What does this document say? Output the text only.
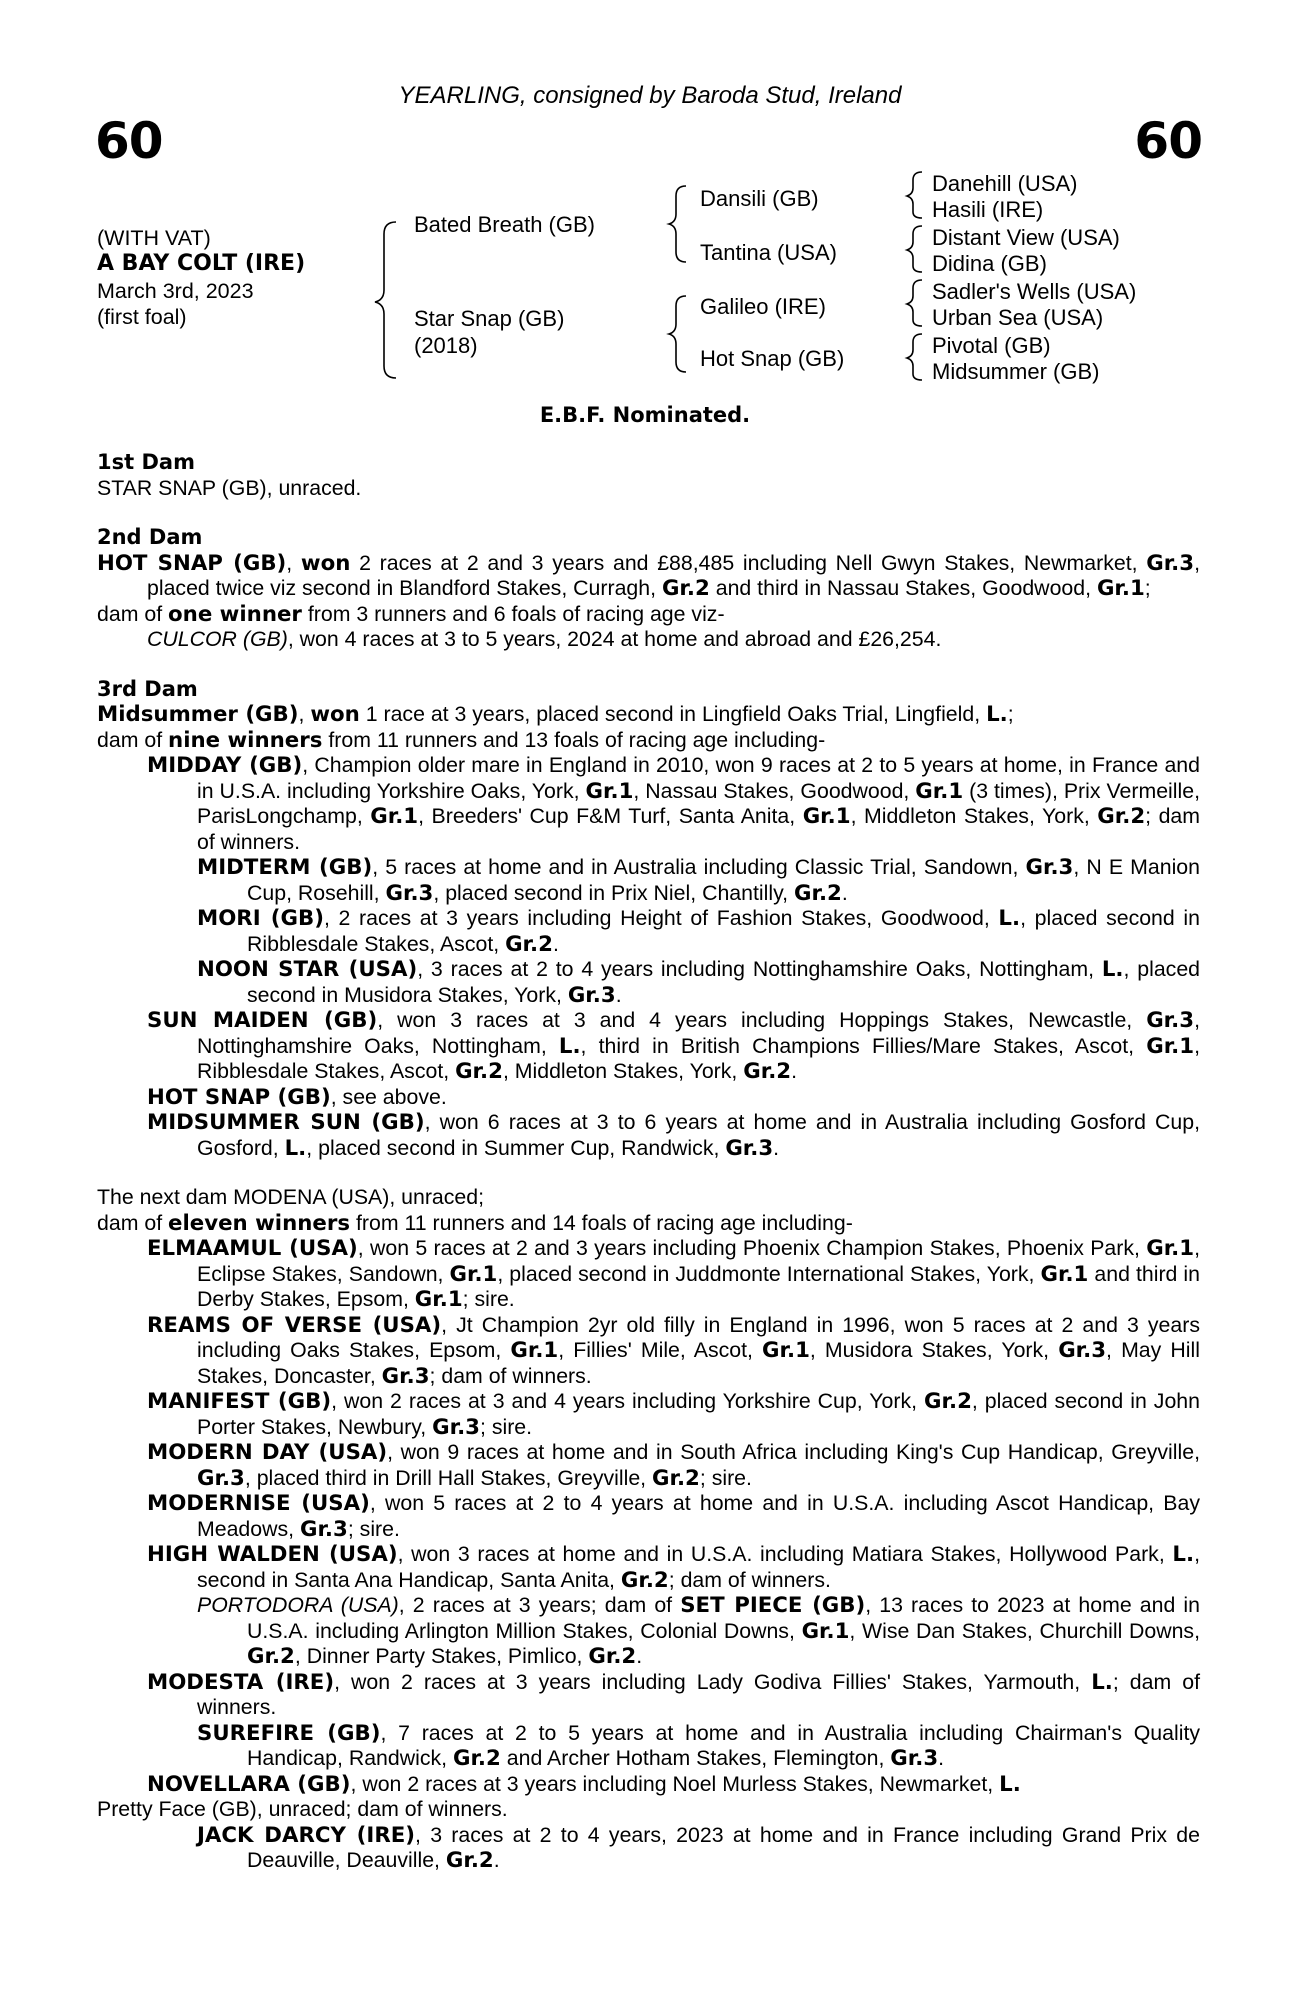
60	60
YEARLING, consigned by Baroda Stud, Ireland
(WITH VAT)
A BAY COLT (IRE)
March 3rd, 2023
(first foal)
Bated Breath (GB)
Star Snap (GB)
(2018)
Dansili (GB)
Tantina (USA)
Galileo (IRE)
Hot Snap (GB)
Danehill (USA)
Hasili (IRE)
Distant View (USA)
Didina (GB)
Sadler's Wells (USA)
Urban Sea (USA)
Pivotal (GB)
Midsummer (GB)
E.B.F. Nominated.

1st Dam

STAR SNAP (GB), unraced.

2nd Dam

HOT SNAP (GB), won 2 races at 2 and 3 years and £88,485 including Nell Gwyn Stakes, Newmarket, Gr.3, placed twice viz second in Blandford Stakes, Curragh, Gr.2 and third in Nassau Stakes, Goodwood, Gr.1;

dam of one winner from 3 runners and 6 foals of racing age viz-

CULCOR (GB), won 4 races at 3 to 5 years, 2024 at home and abroad and £26,254.

3rd Dam

Midsummer (GB), won 1 race at 3 years, placed second in Lingfield Oaks Trial, Lingfield, L.;

dam of nine winners from 11 runners and 13 foals of racing age including-

MIDDAY (GB), Champion older mare in England in 2010, won 9 races at 2 to 5 years at home, in France and in U.S.A. including Yorkshire Oaks, York, Gr.1, Nassau Stakes, Goodwood, Gr.1 (3 times), Prix Vermeille, ParisLongchamp, Gr.1, Breeders' Cup F&M Turf, Santa Anita, Gr.1, Middleton Stakes, York, Gr.2; dam of winners.

MIDTERM (GB), 5 races at home and in Australia including Classic Trial, Sandown, Gr.3, N E Manion Cup, Rosehill, Gr.3, placed second in Prix Niel, Chantilly, Gr.2.

MORI (GB), 2 races at 3 years including Height of Fashion Stakes, Goodwood, L., placed second in Ribblesdale Stakes, Ascot, Gr.2.

NOON STAR (USA), 3 races at 2 to 4 years including Nottinghamshire Oaks, Nottingham, L., placed second in Musidora Stakes, York, Gr.3.

SUN MAIDEN (GB), won 3 races at 3 and 4 years including Hoppings Stakes, Newcastle, Gr.3, Nottinghamshire Oaks, Nottingham, L., third in British Champions Fillies/Mare Stakes, Ascot, Gr.1, Ribblesdale Stakes, Ascot, Gr.2, Middleton Stakes, York, Gr.2.

HOT SNAP (GB), see above.

MIDSUMMER SUN (GB), won 6 races at 3 to 6 years at home and in Australia including Gosford Cup, Gosford, L., placed second in Summer Cup, Randwick, Gr.3.

The next dam MODENA (USA), unraced;

dam of eleven winners from 11 runners and 14 foals of racing age including-

ELMAAMUL (USA), won 5 races at 2 and 3 years including Phoenix Champion Stakes, Phoenix Park, Gr.1, Eclipse Stakes, Sandown, Gr.1, placed second in Juddmonte International Stakes, York, Gr.1 and third in Derby Stakes, Epsom, Gr.1; sire.

REAMS OF VERSE (USA), Jt Champion 2yr old filly in England in 1996, won 5 races at 2 and 3 years including Oaks Stakes, Epsom, Gr.1, Fillies' Mile, Ascot, Gr.1, Musidora Stakes, York, Gr.3, May Hill Stakes, Doncaster, Gr.3; dam of winners.

MANIFEST (GB), won 2 races at 3 and 4 years including Yorkshire Cup, York, Gr.2, placed second in John Porter Stakes, Newbury, Gr.3; sire.

MODERN DAY (USA), won 9 races at home and in South Africa including King's Cup Handicap, Greyville, Gr.3, placed third in Drill Hall Stakes, Greyville, Gr.2; sire.

MODERNISE (USA), won 5 races at 2 to 4 years at home and in U.S.A. including Ascot Handicap, Bay Meadows, Gr.3; sire.

HIGH WALDEN (USA), won 3 races at home and in U.S.A. including Matiara Stakes, Hollywood Park, L., second in Santa Ana Handicap, Santa Anita, Gr.2; dam of winners.

PORTODORA (USA), 2 races at 3 years; dam of SET PIECE (GB), 13 races to 2023 at home and in U.S.A. including Arlington Million Stakes, Colonial Downs, Gr.1, Wise Dan Stakes, Churchill Downs, Gr.2, Dinner Party Stakes, Pimlico, Gr.2.

MODESTA (IRE), won 2 races at 3 years including Lady Godiva Fillies' Stakes, Yarmouth, L.; dam of winners.

SUREFIRE (GB), 7 races at 2 to 5 years at home and in Australia including Chairman's Quality Handicap, Randwick, Gr.2 and Archer Hotham Stakes, Flemington, Gr.3.

NOVELLARA (GB), won 2 races at 3 years including Noel Murless Stakes, Newmarket, L.

Pretty Face (GB), unraced; dam of winners.

JACK DARCY (IRE), 3 races at 2 to 4 years, 2023 at home and in France including Grand Prix de Deauville, Deauville, Gr.2.
